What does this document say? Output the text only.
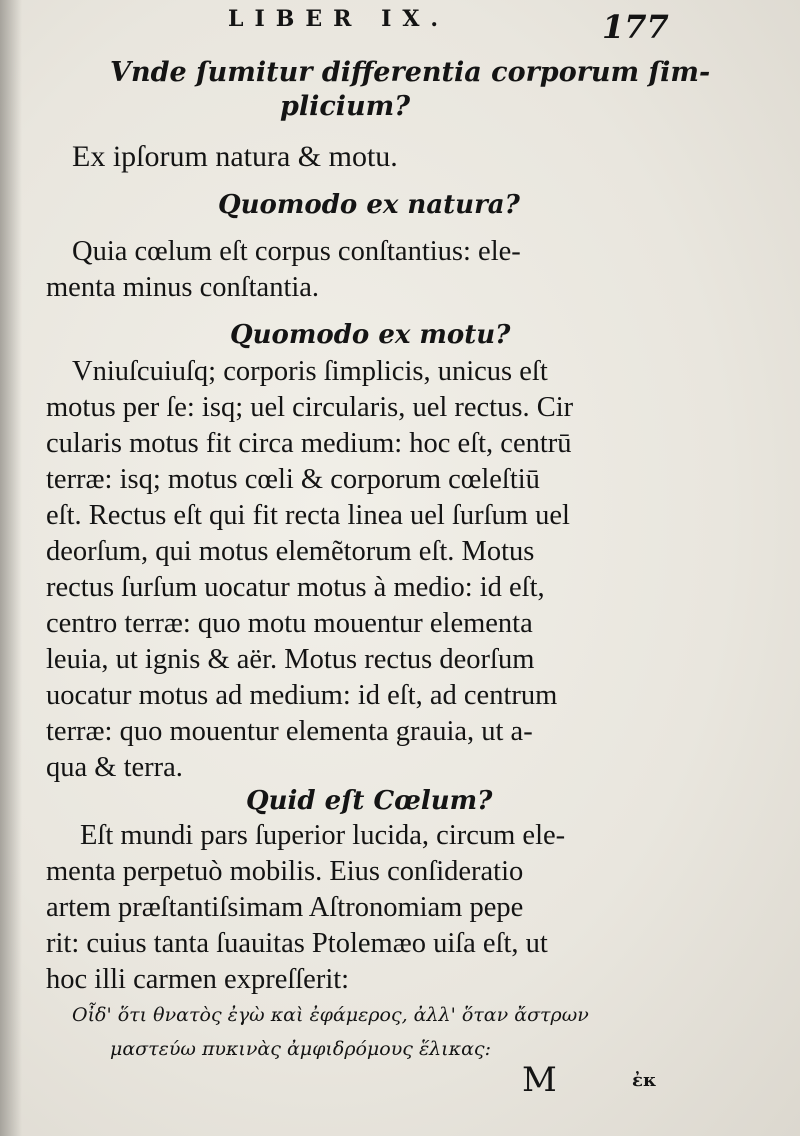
LIBER IX.	177
Vnde ſumitur differentia corporum ſim-
plicium?
Ex ipſorum natura & motu.
Quomodo ex natura?
Quia cœlum eſt corpus conſtantius: ele-
menta minus conſtantia.
Quomodo ex motu?
Vniuſcuiuſq; corporis ſimplicis, unicus eſt
motus per ſe: isq; uel circularis, uel rectus. Cir
cularis motus fit circa medium: hoc eſt, centrū
terræ: isq; motus cœli & corporum cœleſtiū
eſt. Rectus eſt qui fit recta linea uel ſurſum uel
deorſum, qui motus elemẽtorum eſt. Motus
rectus ſurſum uocatur motus à medio: id eſt,
centro terræ: quo motu mouentur elementa
leuia, ut ignis & aër. Motus rectus deorſum
uocatur motus ad medium: id eſt, ad centrum
terræ: quo mouentur elementa grauia, ut a-
qua & terra.
Quid eſt Cœlum?
Eſt mundi pars ſuperior lucida, circum ele-
menta perpetuò mobilis. Eius conſideratio
artem præſtantiſsimam Aſtronomiam pepe
rit: cuius tanta ſuauitas Ptolemæo uiſa eſt, ut
hoc illi carmen expreſſerit:
Οἶδ' ὅτι θνατὸς ἐγὼ καὶ ἐφάμερος, ἀλλ' ὅταν ἄστρων
μαστεύω πυκινὰς ἀμφιδρόμους ἕλικας:
M	ἐκ
